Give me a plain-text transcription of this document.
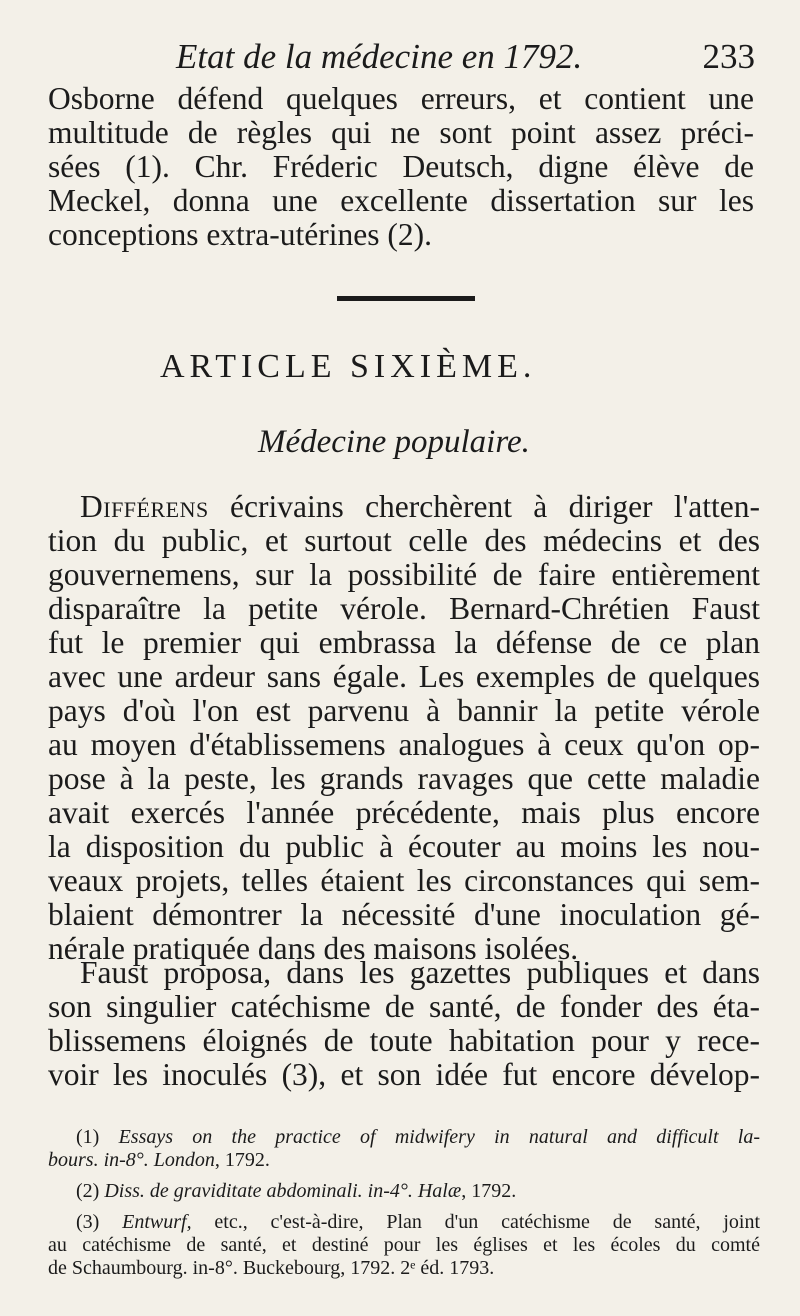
Etat de la médecine en 1792.	233
Osborne défend quelques erreurs, et contient une
multitude de règles qui ne sont point assez préci-
sées (1). Chr. Fréderic Deutsch, digne élève de
Meckel, donna une excellente dissertation sur les
conceptions extra-utérines (2).
ARTICLE SIXIÈME.
Médecine populaire.
Différens écrivains cherchèrent à diriger l'atten-
tion du public, et surtout celle des médecins et des
gouvernemens, sur la possibilité de faire entièrement
disparaître la petite vérole. Bernard-Chrétien Faust
fut le premier qui embrassa la défense de ce plan
avec une ardeur sans égale. Les exemples de quelques
pays d'où l'on est parvenu à bannir la petite vérole
au moyen d'établissemens analogues à ceux qu'on op-
pose à la peste, les grands ravages que cette maladie
avait exercés l'année précédente, mais plus encore
la disposition du public à écouter au moins les nou-
veaux projets, telles étaient les circonstances qui sem-
blaient démontrer la nécessité d'une inoculation gé-
nérale pratiquée dans des maisons isolées.
Faust proposa, dans les gazettes publiques et dans
son singulier catéchisme de santé, de fonder des éta-
blissemens éloignés de toute habitation pour y rece-
voir les inoculés (3), et son idée fut encore dévelop-
(1) Essays on the practice of midwifery in natural and difficult la-
bours. in-8°. London, 1792.
(2) Diss. de graviditate abdominali. in-4°. Halæ, 1792.
(3) Entwurf, etc., c'est-à-dire, Plan d'un catéchisme de santé, joint
au catéchisme de santé, et destiné pour les églises et les écoles du comté
de Schaumbourg. in-8°. Buckebourg, 1792. 2ᵉ éd. 1793.
